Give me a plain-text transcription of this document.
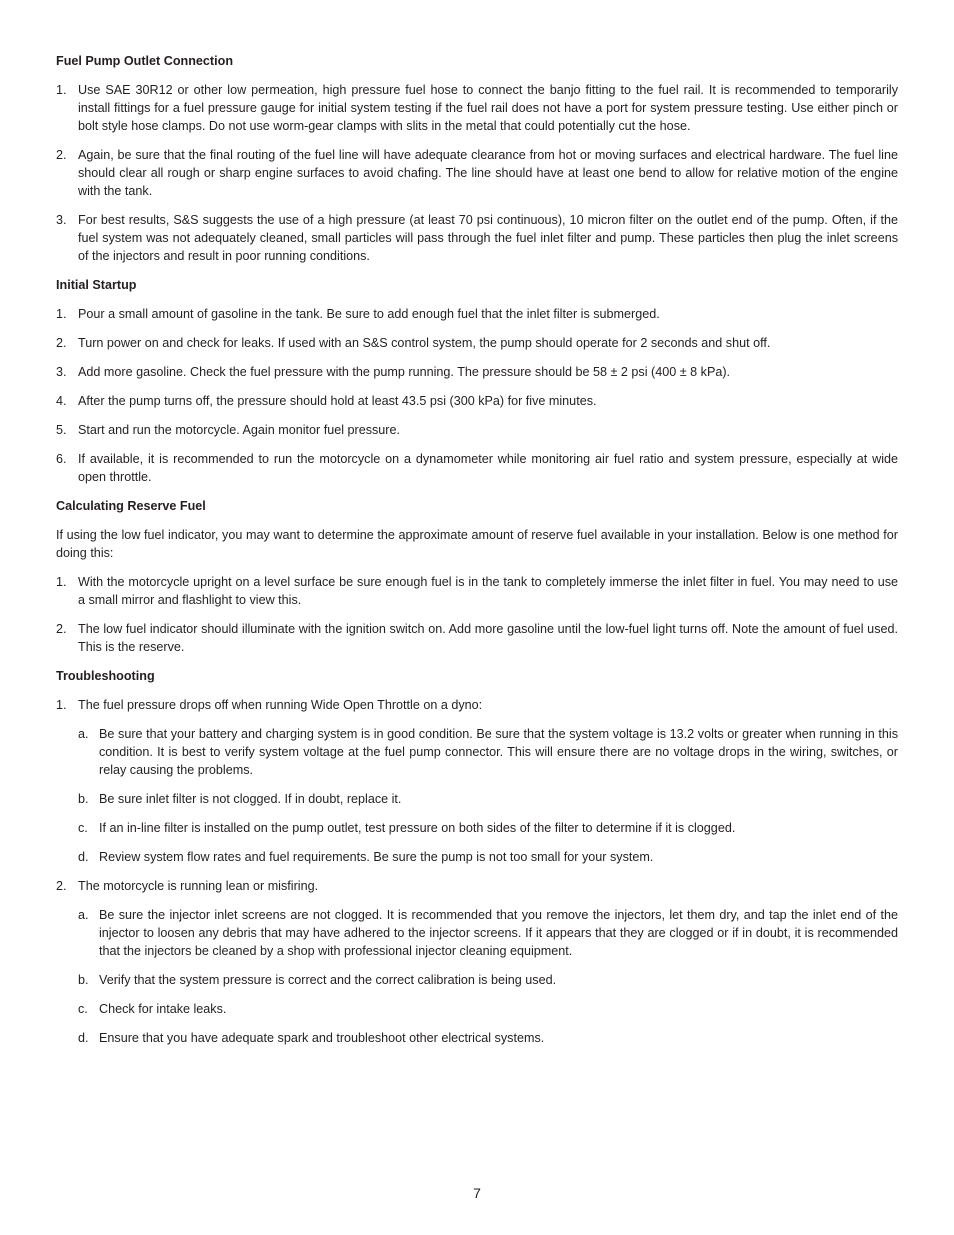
Fuel Pump Outlet Connection
1. Use SAE 30R12 or other low permeation, high pressure fuel hose to connect the banjo fitting to the fuel rail. It is recommended to temporarily install fittings for a fuel pressure gauge for initial system testing if the fuel rail does not have a port for system pressure testing. Use either pinch or bolt style hose clamps. Do not use worm-gear clamps with slits in the metal that could potentially cut the hose.
2. Again, be sure that the final routing of the fuel line will have adequate clearance from hot or moving surfaces and electrical hardware. The fuel line should clear all rough or sharp engine surfaces to avoid chafing. The line should have at least one bend to allow for relative motion of the engine with the tank.
3. For best results, S&S suggests the use of a high pressure (at least 70 psi continuous), 10 micron filter on the outlet end of the pump. Often, if the fuel system was not adequately cleaned, small particles will pass through the fuel inlet filter and pump. These particles then plug the inlet screens of the injectors and result in poor running conditions.
Initial Startup
1. Pour a small amount of gasoline in the tank. Be sure to add enough fuel that the inlet filter is submerged.
2. Turn power on and check for leaks. If used with an S&S control system, the pump should operate for 2 seconds and shut off.
3. Add more gasoline. Check the fuel pressure with the pump running. The pressure should be 58 ± 2 psi (400 ± 8 kPa).
4. After the pump turns off, the pressure should hold at least 43.5 psi (300 kPa) for five minutes.
5. Start and run the motorcycle. Again monitor fuel pressure.
6. If available, it is recommended to run the motorcycle on a dynamometer while monitoring air fuel ratio and system pressure, especially at wide open throttle.
Calculating Reserve Fuel

If using the low fuel indicator, you may want to determine the approximate amount of reserve fuel available in your installation. Below is one method for doing this:

1. With the motorcycle upright on a level surface be sure enough fuel is in the tank to completely immerse the inlet filter in fuel. You may need to use a small mirror and flashlight to view this.
2. The low fuel indicator should illuminate with the ignition switch on. Add more gasoline until the low-fuel light turns off. Note the amount of fuel used. This is the reserve.
Troubleshooting
1. The fuel pressure drops off when running Wide Open Throttle on a dyno:
a. Be sure that your battery and charging system is in good condition. Be sure that the system voltage is 13.2 volts or greater when running in this condition. It is best to verify system voltage at the fuel pump connector. This will ensure there are no voltage drops in the wiring, switches, or relay causing the problems.
b. Be sure inlet filter is not clogged. If in doubt, replace it.
c. If an in-line filter is installed on the pump outlet, test pressure on both sides of the filter to determine if it is clogged.
d. Review system flow rates and fuel requirements. Be sure the pump is not too small for your system.
2. The motorcycle is running lean or misfiring.
a. Be sure the injector inlet screens are not clogged. It is recommended that you remove the injectors, let them dry, and tap the inlet end of the injector to loosen any debris that may have adhered to the injector screens. If it appears that they are clogged or if in doubt, it is recommended that the injectors be cleaned by a shop with professional injector cleaning equipment.
b. Verify that the system pressure is correct and the correct calibration is being used.
c. Check for intake leaks.
d. Ensure that you have adequate spark and troubleshoot other electrical systems.
7
